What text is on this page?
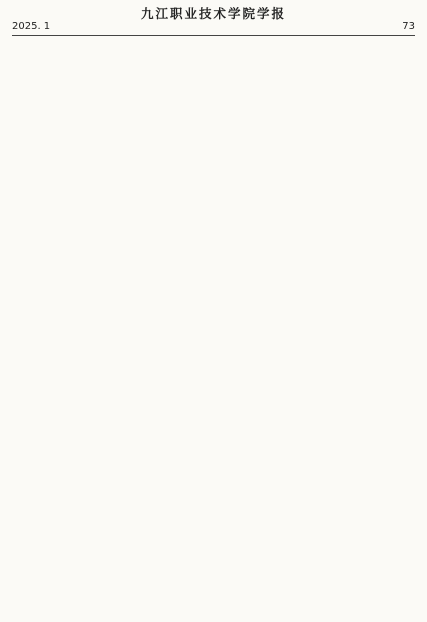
九江职业技术学院学报
2025. 1	73
